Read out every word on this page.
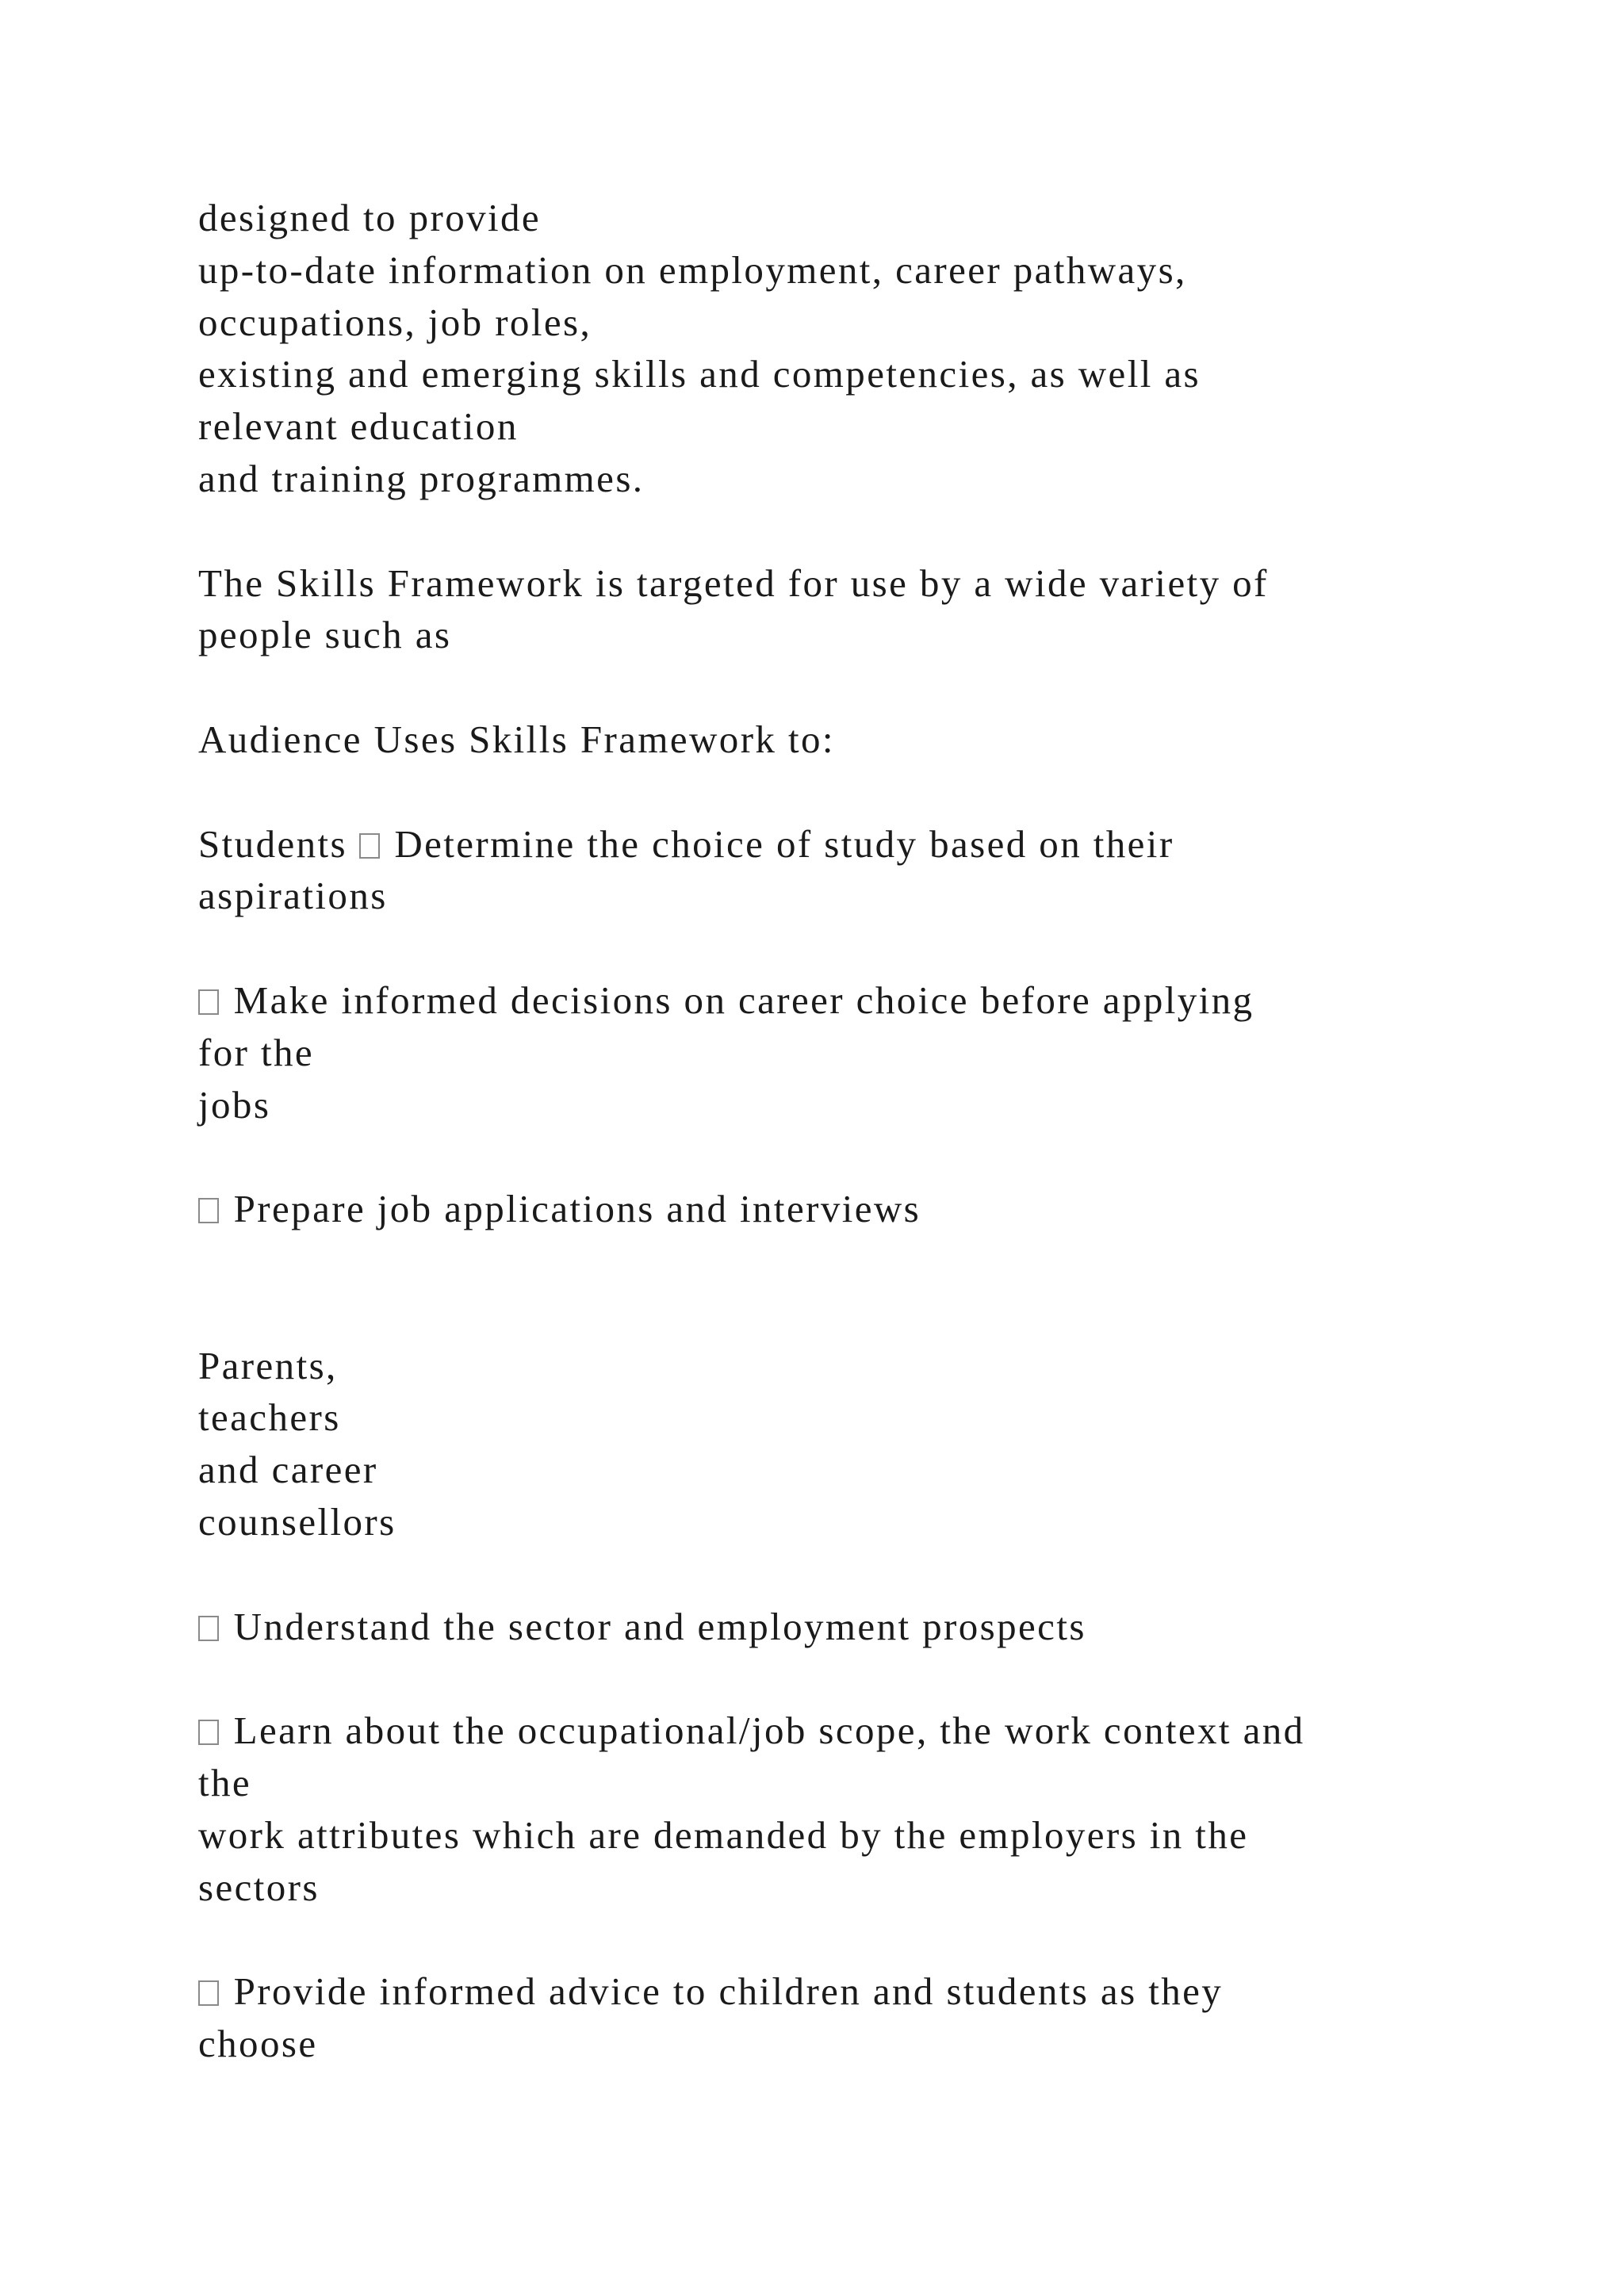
designed to provide
up-to-date information on employment, career pathways,
occupations, job roles,
existing and emerging skills and competencies, as well as
relevant education
and training programmes.
The Skills Framework is targeted for use by a wide variety of
people such as
Audience Uses Skills Framework to:
Students Determine the choice of study based on their
aspirations
Make informed decisions on career choice before applying
for the
jobs
Prepare job applications and interviews
Parents,
teachers
and career
counsellors
Understand the sector and employment prospects
Learn about the occupational/job scope, the work context and
the
work attributes which are demanded by the employers in the
sectors
Provide informed advice to children and students as they
choose
